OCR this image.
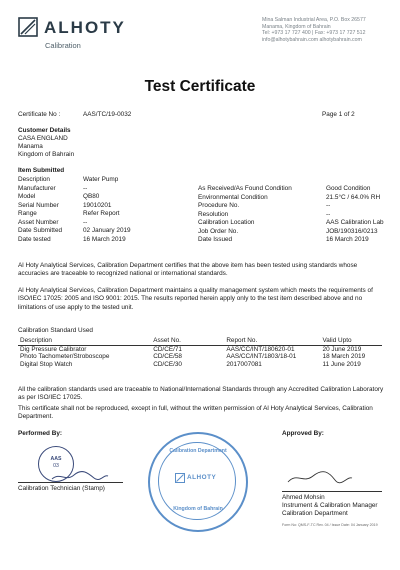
ALHOTY
Calibration
Mina Salman Industrial Area, P.O. Box 26577
Manama, Kingdom of Bahrain
Tel: +973 17 727 400 | Fax: +973 17 727 512
info@alhotybahrain.com alhotybahrain.com
Test Certificate
Certificate No :	AAS/TC/19-0032	Page 1 of 2
Customer Details
CASA ENGLAND
Manama
Kingdom of Bahrain
Item Submitted
Description	Water Pump
Manufacturer	--
Model	QB80
Serial Number	19010201
Range	Refer Report
Asset Number	--
Date Submitted	02 January 2019
Date tested	16 March 2019
As Received/As Found Condition	Good Condition
Environmental Condition	21.5°C / 64.0% RH
Procedure No.	--
Resolution	--
Calibration Location	AAS Calibration Lab
Job Order No.	JOB/190316/0213
Date Issued	16 March 2019
Al Hoty Analytical Services, Calibration Department certifies that the above item has been tested using standards whose accuracies are traceable to recognized national or international standards.
Al Hoty Analytical Services, Calibration Department maintains a quality management system which meets the requirements of ISO/IEC 17025: 2005 and ISO 9001: 2015. The results reported herein apply only to the test item described above and no limitations of use apply to the tested unit.
Calibration Standard Used
Description	Asset No.	Report No.	Valid Upto
Dig Pressure Calibrator	CD/CE/71	AAS/CC/INT/180620-01	20 June 2019
Photo Tachometer/Stroboscope	CD/CE/58	AAS/CC/INT/1803/18-01	18 March 2019
Digital Stop Watch	CD/CE/30	2017007081	11 June 2019
All the calibration standards used are traceable to National/International Standards through any Accredited Calibration Laboratory as per ISO/IEC 17025.
This certificate shall not be reproduced, except in full, without the written permission of Al Hoty Analytical Services, Calibration Department.
Performed By:
AAS
03
Calibration Technician (Stamp)
Calibration Department
ALHOTY
Kingdom of Bahrain
Approved By:
Ahmed Mohsin
Instrument & Calibration Manager
Calibration Department
Form No: QMS-F-TC Rev. 04 / Issue Date: 04 January 2019
